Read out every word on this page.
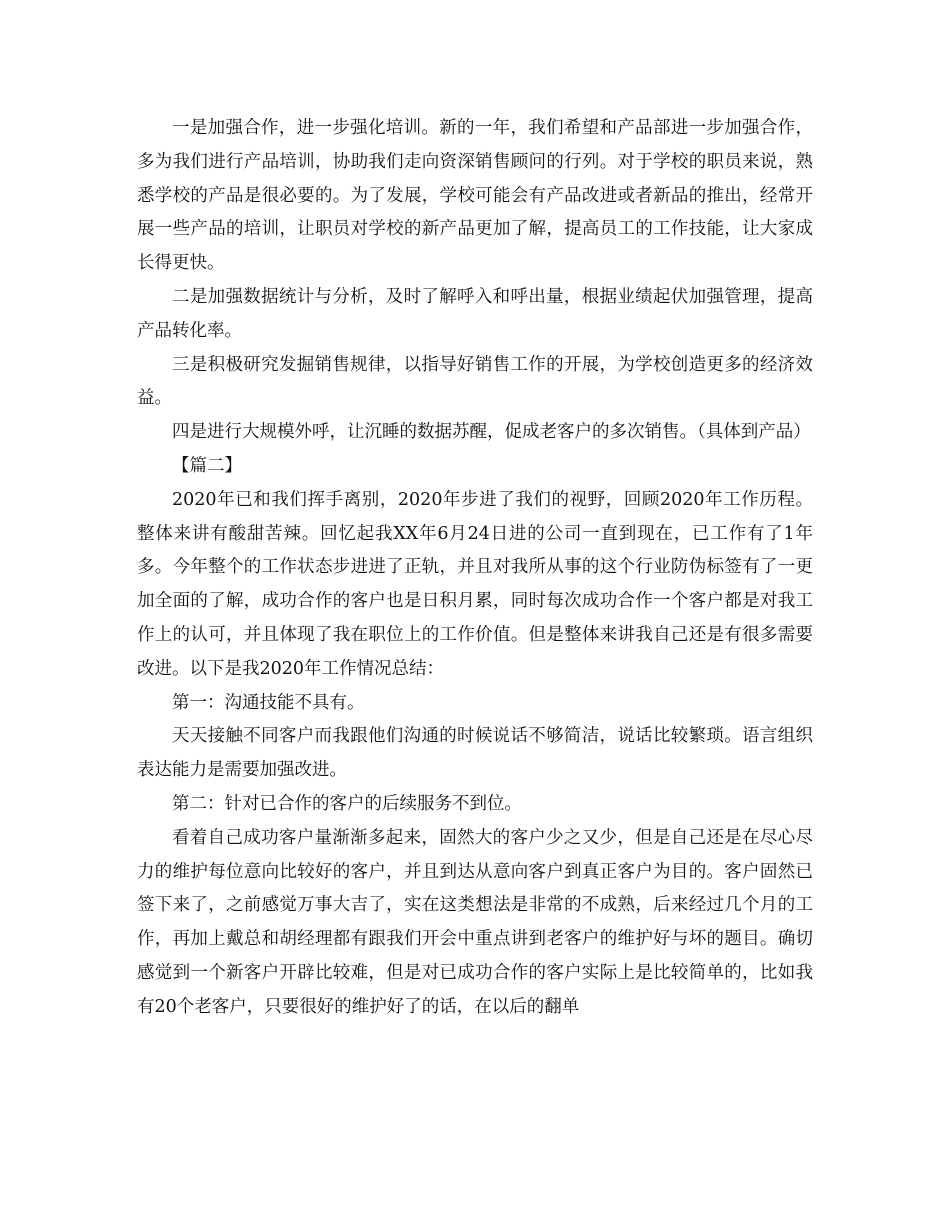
一是加强合作，进一步强化培训。新的一年，我们希望和产品部进一步加强合作，多为我们进行产品培训，协助我们走向资深销售顾问的行列。对于学校的职员来说，熟悉学校的产品是很必要的。为了发展，学校可能会有产品改进或者新品的推出，经常开展一些产品的培训，让职员对学校的新产品更加了解，提高员工的工作技能，让大家成长得更快。

二是加强数据统计与分析，及时了解呼入和呼出量，根据业绩起伏加强管理，提高产品转化率。

三是积极研究发掘销售规律，以指导好销售工作的开展，为学校创造更多的经济效益。

四是进行大规模外呼，让沉睡的数据苏醒，促成老客户的多次销售。（具体到产品）

【篇二】

2020年已和我们挥手离别，2020年步进了我们的视野，回顾2020年工作历程。整体来讲有酸甜苦辣。回忆起我XX年6月24日进的公司一直到现在，已工作有了1年多。今年整个的工作状态步进进了正轨，并且对我所从事的这个行业防伪标签有了一更加全面的了解，成功合作的客户也是日积月累，同时每次成功合作一个客户都是对我工作上的认可，并且体现了我在职位上的工作价值。但是整体来讲我自己还是有很多需要改进。以下是我2020年工作情况总结：

第一：沟通技能不具有。

天天接触不同客户而我跟他们沟通的时候说话不够简洁，说话比较繁琐。语言组织表达能力是需要加强改进。

第二：针对已合作的客户的后续服务不到位。

看着自己成功客户量渐渐多起来，固然大的客户少之又少，但是自己还是在尽心尽力的维护每位意向比较好的客户，并且到达从意向客户到真正客户为目的。客户固然已签下来了，之前感觉万事大吉了，实在这类想法是非常的不成熟，后来经过几个月的工作，再加上戴总和胡经理都有跟我们开会中重点讲到老客户的维护好与坏的题目。确切感觉到一个新客户开辟比较难，但是对已成功合作的客户实际上是比较简单的，比如我有20个老客户，只要很好的维护好了的话，在以后的翻单
